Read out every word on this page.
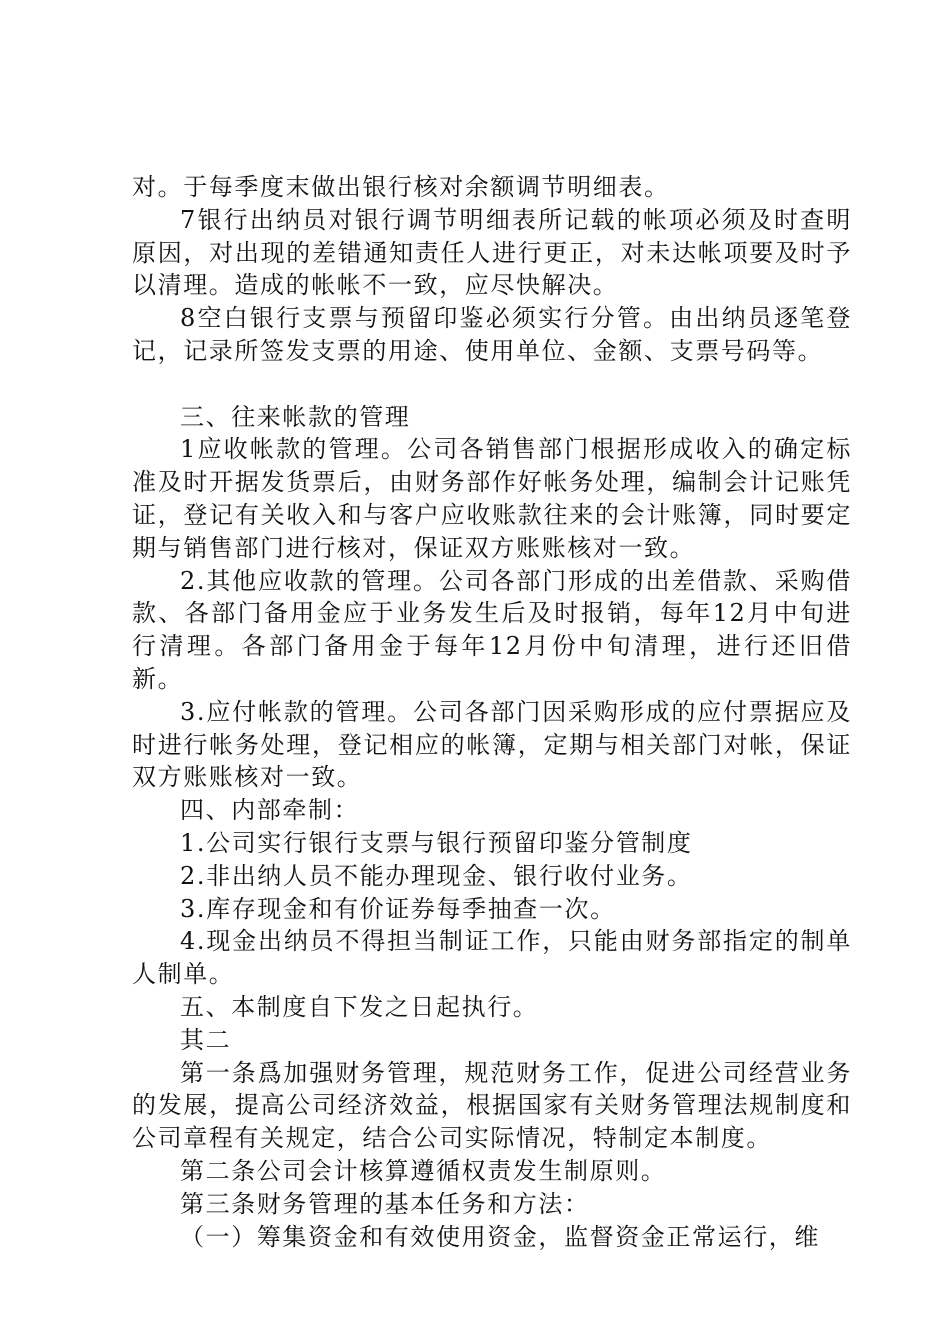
对。于每季度末做出银行核对余额调节明细表。

7银行出纳员对银行调节明细表所记载的帐项必须及时查明原因，对出现的差错通知责任人进行更正，对未达帐项要及时予以清理。造成的帐帐不一致，应尽快解决。

8空白银行支票与预留印鉴必须实行分管。由出纳员逐笔登记，记录所签发支票的用途、使用单位、金额、支票号码等。

三、往来帐款的管理

1应收帐款的管理。公司各销售部门根据形成收入的确定标准及时开据发货票后，由财务部作好帐务处理，编制会计记账凭证，登记有关收入和与客户应收账款往来的会计账簿，同时要定期与销售部门进行核对，保证双方账账核对一致。

2.其他应收款的管理。公司各部门形成的出差借款、采购借款、各部门备用金应于业务发生后及时报销，每年12月中旬进行清理。各部门备用金于每年12月份中旬清理，进行还旧借新。

3.应付帐款的管理。公司各部门因采购形成的应付票据应及时进行帐务处理，登记相应的帐簿，定期与相关部门对帐，保证双方账账核对一致。

四、内部牵制：

1.公司实行银行支票与银行预留印鉴分管制度

2.非出纳人员不能办理现金、银行收付业务。

3.库存现金和有价证券每季抽查一次。

4.现金出纳员不得担当制证工作，只能由财务部指定的制单人制单。

五、本制度自下发之日起执行。

其二

第一条爲加强财务管理，规范财务工作，促进公司经营业务的发展，提高公司经济效益，根据国家有关财务管理法规制度和公司章程有关规定，结合公司实际情况，特制定本制度。

第二条公司会计核算遵循权责发生制原则。

第三条财务管理的基本任务和方法：

（一）筹集资金和有效使用资金，监督资金正常运行，维
